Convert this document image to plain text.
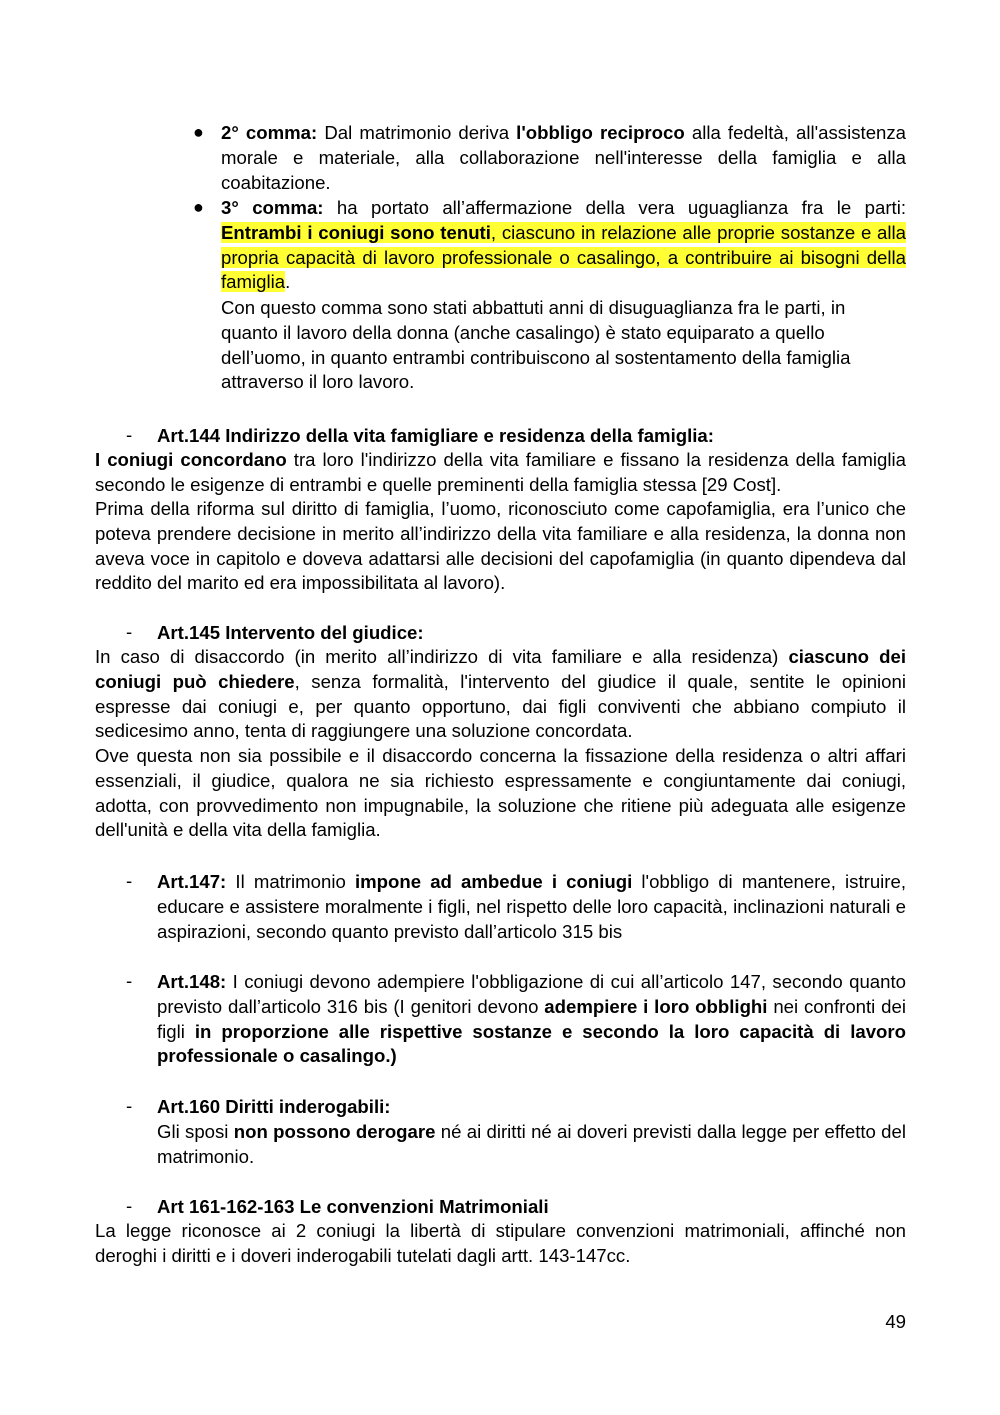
● 2° comma: Dal matrimonio deriva l'obbligo reciproco alla fedeltà, all'assistenza morale e materiale, alla collaborazione nell'interesse della famiglia e alla coabitazione.
● 3° comma: ha portato all’affermazione della vera uguaglianza fra le parti: Entrambi i coniugi sono tenuti, ciascuno in relazione alle proprie sostanze e alla propria capacità di lavoro professionale o casalingo, a contribuire ai bisogni della famiglia.
Con questo comma sono stati abbattuti anni di disuguaglianza fra le parti, in quanto il lavoro della donna (anche casalingo) è stato equiparato a quello dell’uomo, in quanto entrambi contribuiscono al sostentamento della famiglia attraverso il loro lavoro.
- Art.144 Indirizzo della vita famigliare e residenza della famiglia:
I coniugi concordano tra loro l'indirizzo della vita familiare e fissano la residenza della famiglia secondo le esigenze di entrambi e quelle preminenti della famiglia stessa [29 Cost].
Prima della riforma sul diritto di famiglia, l’uomo, riconosciuto come capofamiglia, era l’unico che poteva prendere decisione in merito all’indirizzo della vita familiare e alla residenza, la donna non aveva voce in capitolo e doveva adattarsi alle decisioni del capofamiglia (in quanto dipendeva dal reddito del marito ed era impossibilitata al lavoro).
- Art.145 Intervento del giudice:
In caso di disaccordo (in merito all’indirizzo di vita familiare e alla residenza) ciascuno dei coniugi può chiedere, senza formalità, l'intervento del giudice il quale, sentite le opinioni espresse dai coniugi e, per quanto opportuno, dai figli conviventi che abbiano compiuto il sedicesimo anno, tenta di raggiungere una soluzione concordata.
Ove questa non sia possibile e il disaccordo concerna la fissazione della residenza o altri affari essenziali, il giudice, qualora ne sia richiesto espressamente e congiuntamente dai coniugi, adotta, con provvedimento non impugnabile, la soluzione che ritiene più adeguata alle esigenze dell'unità e della vita della famiglia.
- Art.147: Il matrimonio impone ad ambedue i coniugi l'obbligo di mantenere, istruire, educare e assistere moralmente i figli, nel rispetto delle loro capacità, inclinazioni naturali e aspirazioni, secondo quanto previsto dall’articolo 315 bis
- Art.148: I coniugi devono adempiere l'obbligazione di cui all’articolo 147, secondo quanto previsto dall’articolo 316 bis (I genitori devono adempiere i loro obblighi nei confronti dei figli in proporzione alle rispettive sostanze e secondo la loro capacità di lavoro professionale o casalingo.)
- Art.160 Diritti inderogabili:
Gli sposi non possono derogare né ai diritti né ai doveri previsti dalla legge per effetto del matrimonio.
- Art 161-162-163 Le convenzioni Matrimoniali
La legge riconosce ai 2 coniugi la libertà di stipulare convenzioni matrimoniali, affinché non deroghi i diritti e i doveri inderogabili tutelati dagli artt. 143-147cc.
49
